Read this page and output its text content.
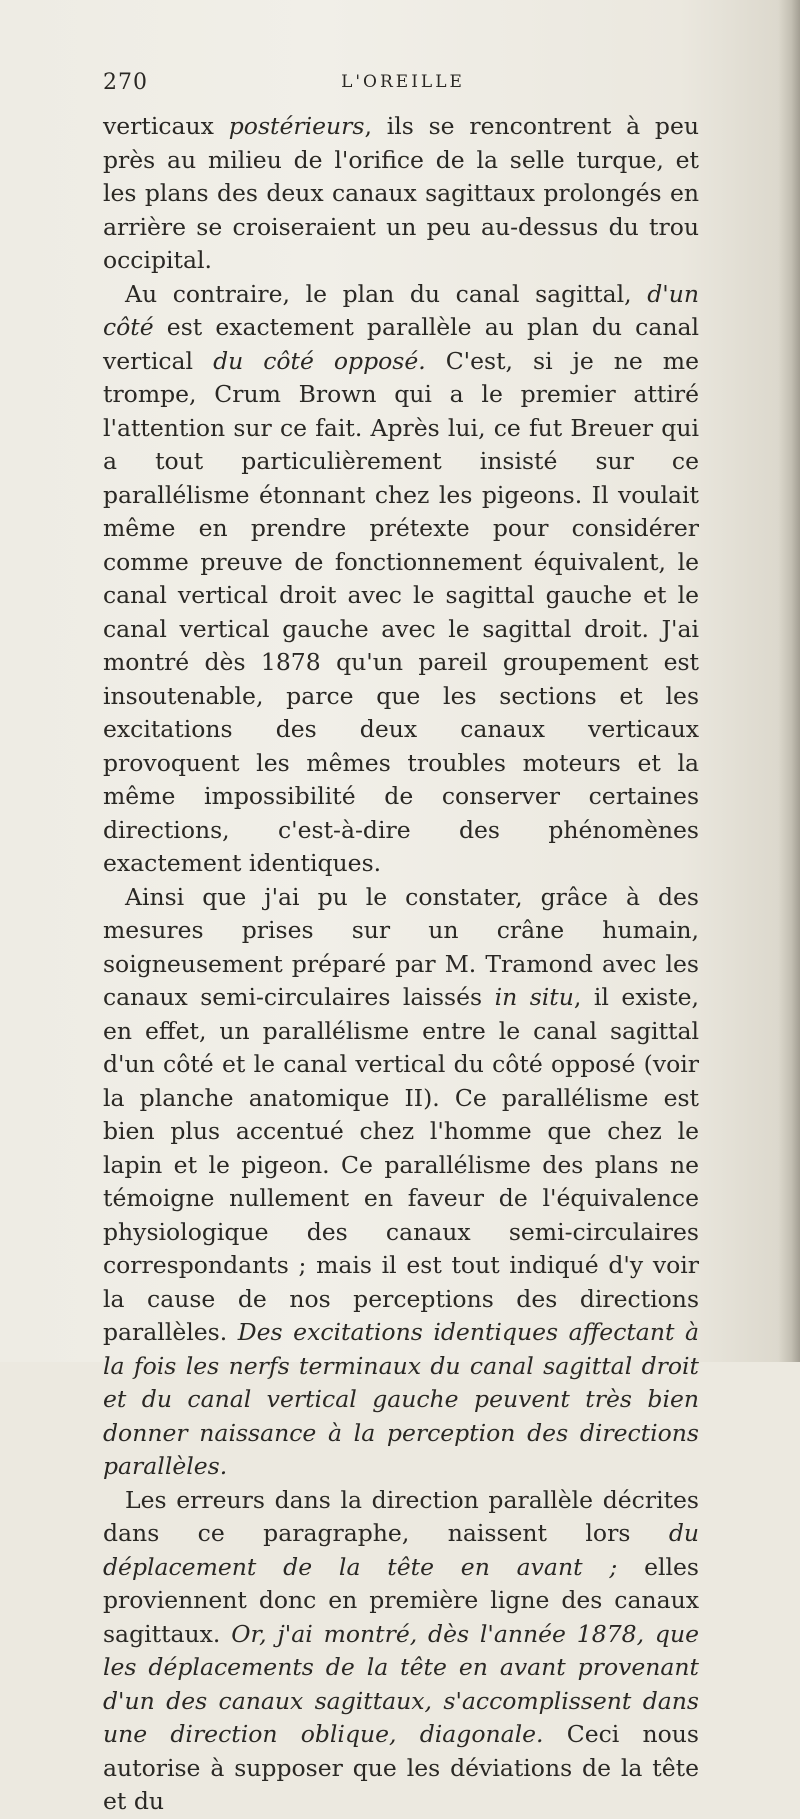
270	L'OREILLE

verticaux postérieurs, ils se rencontrent à peu près au milieu de l'orifice de la selle turque, et les plans des deux canaux sagittaux prolongés en arrière se croiseraient un peu au-dessus du trou occipital.

Au contraire, le plan du canal sagittal, d'un côté est exactement parallèle au plan du canal vertical du côté opposé. C'est, si je ne me trompe, Crum Brown qui a le premier attiré l'attention sur ce fait. Après lui, ce fut Breuer qui a tout particulièrement insisté sur ce parallélisme étonnant chez les pigeons. Il voulait même en prendre prétexte pour considérer comme preuve de fonctionnement équivalent, le canal vertical droit avec le sagittal gauche et le canal vertical gauche avec le sagittal droit. J'ai montré dès 1878 qu'un pareil groupement est insoutenable, parce que les sections et les excitations des deux canaux verticaux provoquent les mêmes troubles moteurs et la même impossibilité de conserver certaines directions, c'est-à-dire des phénomènes exactement identiques.

Ainsi que j'ai pu le constater, grâce à des mesures prises sur un crâne humain, soigneusement préparé par M. Tramond avec les canaux semi-circulaires laissés in situ, il existe, en effet, un parallélisme entre le canal sagittal d'un côté et le canal vertical du côté opposé (voir la planche anatomique II). Ce parallélisme est bien plus accentué chez l'homme que chez le lapin et le pigeon. Ce parallélisme des plans ne témoigne nullement en faveur de l'équivalence physiologique des canaux semi-circulaires correspondants ; mais il est tout indiqué d'y voir la cause de nos perceptions des directions parallèles. Des excitations identiques affectant à la fois les nerfs terminaux du canal sagittal droit et du canal vertical gauche peuvent très bien donner naissance à la perception des directions parallèles.

Les erreurs dans la direction parallèle décrites dans ce paragraphe, naissent lors du déplacement de la tête en avant ; elles proviennent donc en première ligne des canaux sagittaux. Or, j'ai montré, dès l'année 1878, que les déplacements de la tête en avant provenant d'un des canaux sagittaux, s'accomplissent dans une direction oblique, diagonale. Ceci nous autorise à supposer que les déviations de la tête et du
